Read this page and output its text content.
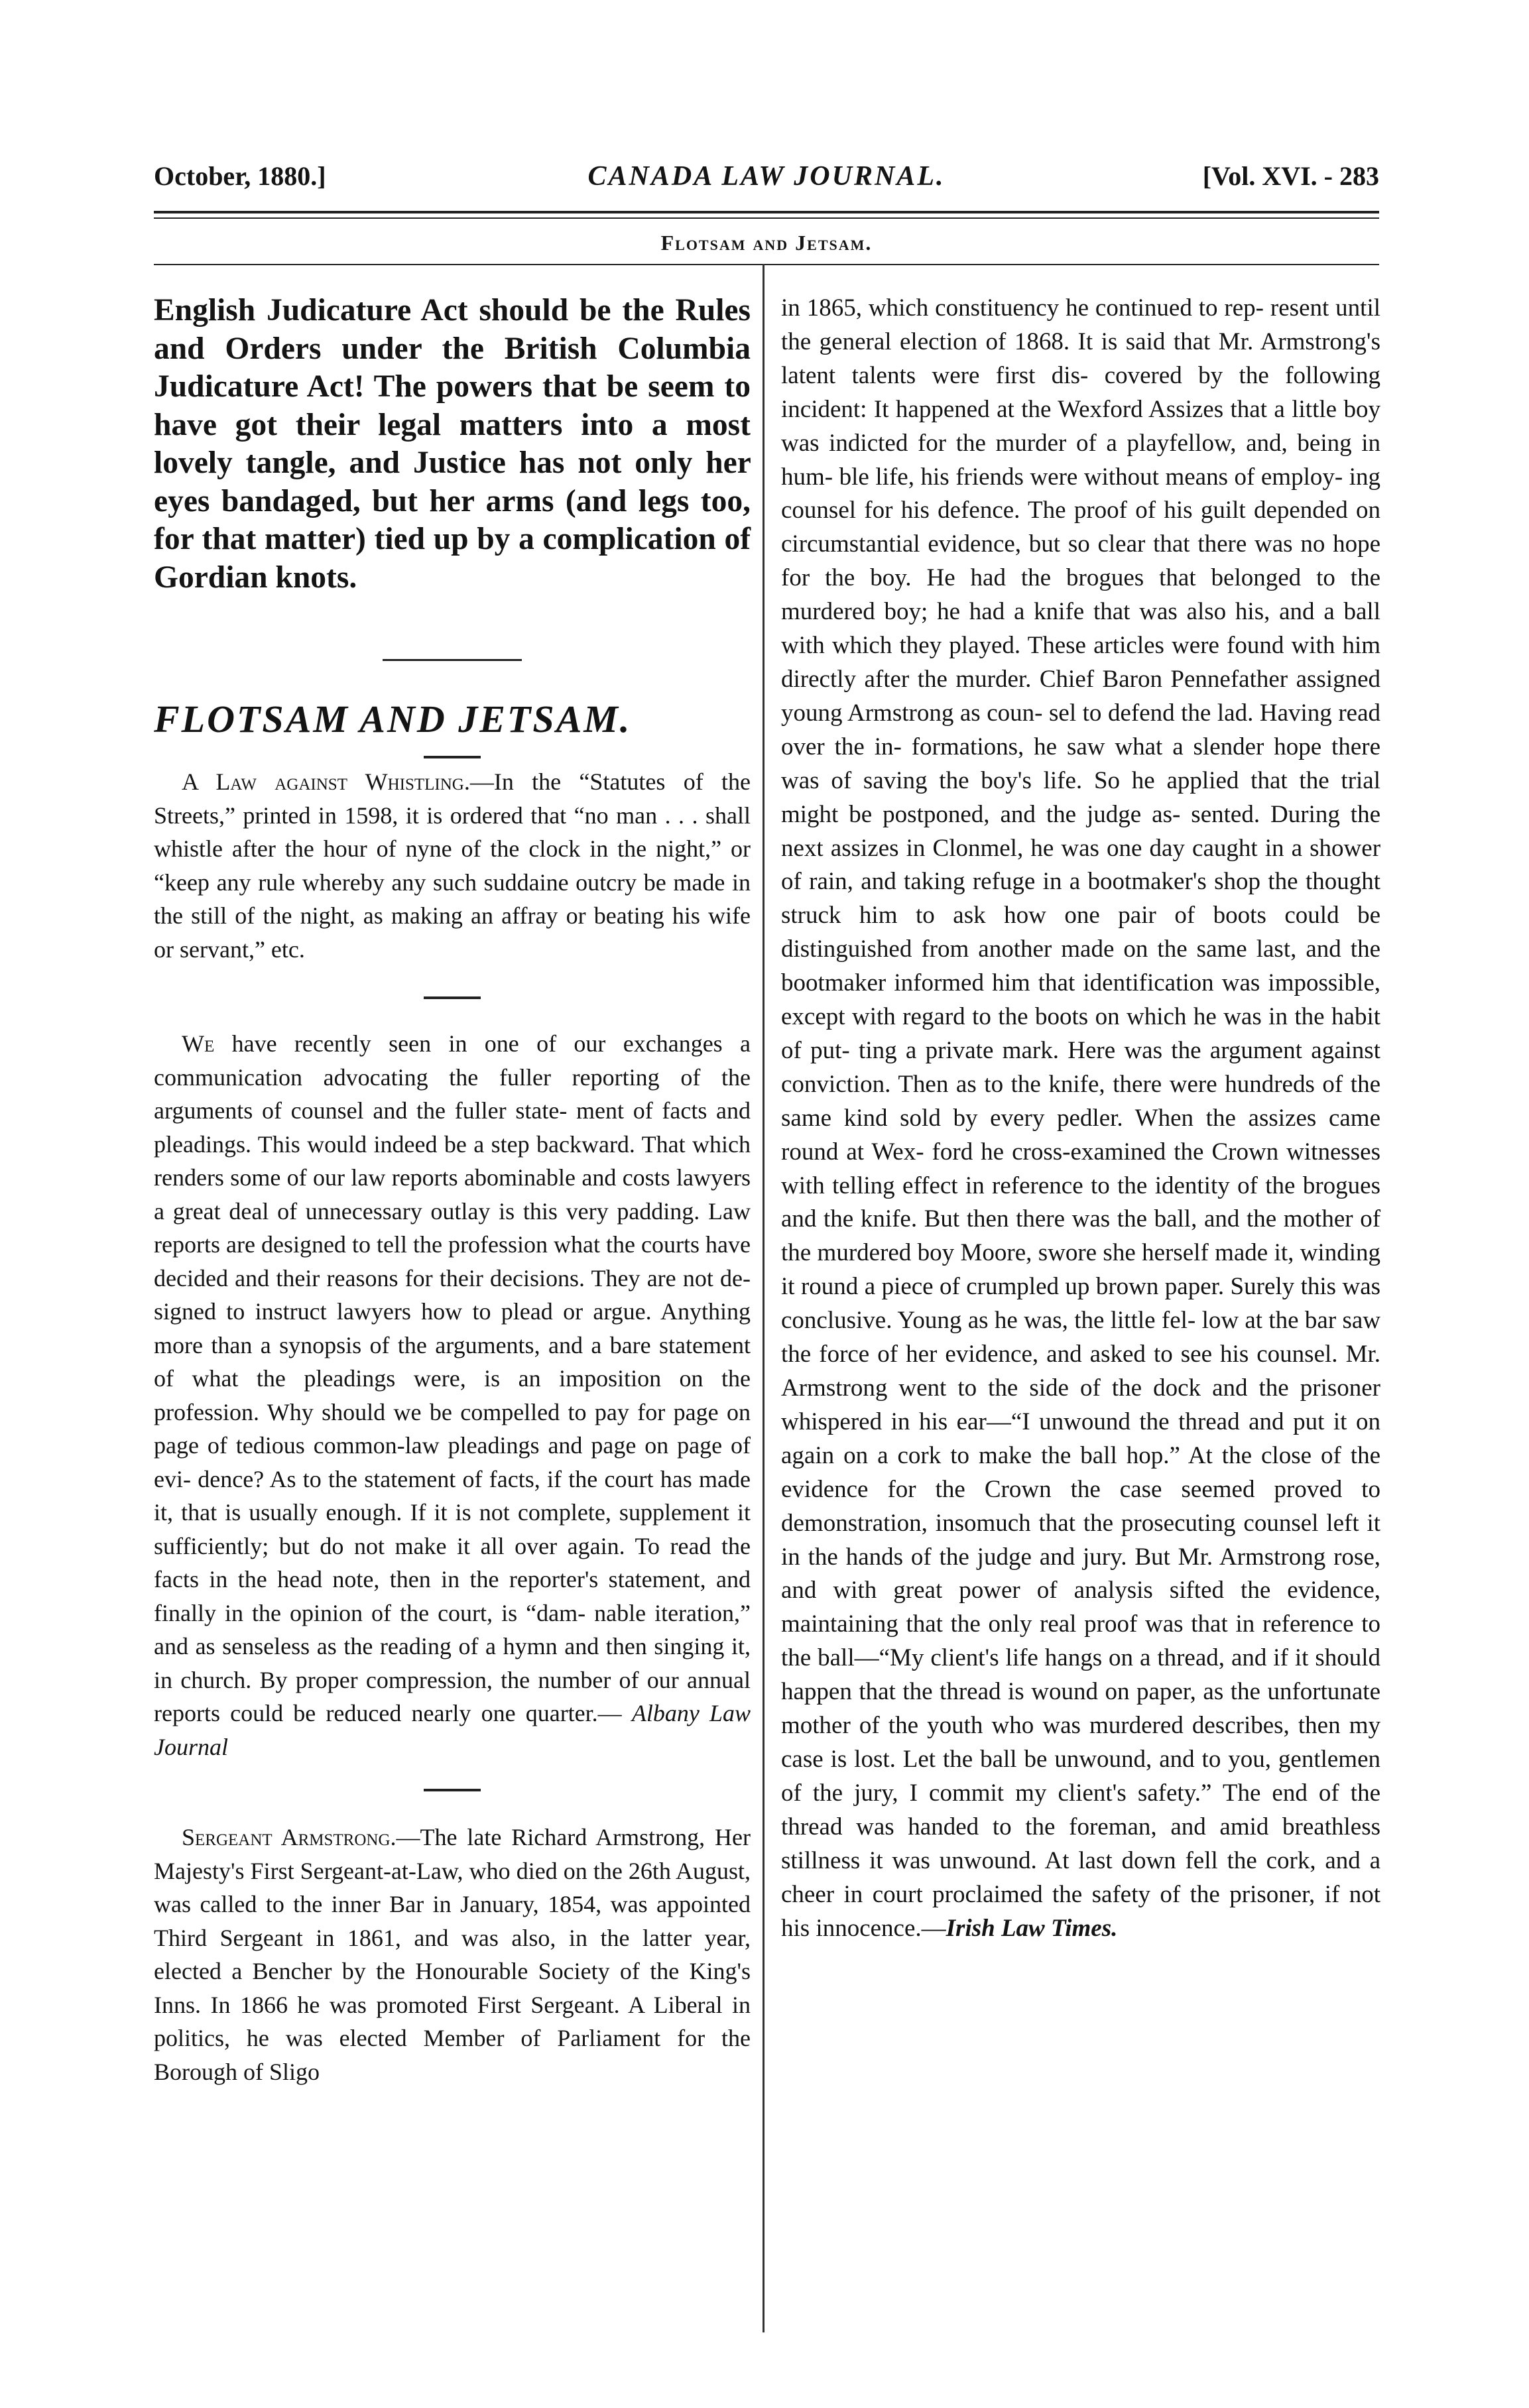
October, 1880.]	CANADA LAW JOURNAL.	[Vol. XVI. - 283
Flotsam and Jetsam.

English Judicature Act should be the Rules and Orders under the British Columbia Judicature Act! The powers that be seem to have got their legal matters into a most lovely tangle, and Justice has not only her eyes bandaged, but her arms (and legs too, for that matter) tied up by a complication of Gordian knots.

FLOTSAM AND JETSAM.

A Law against Whistling.—In the “Statutes of the Streets,” printed in 1598, it is ordered that “no man . . . shall whistle after the hour of nyne of the clock in the night,” or “keep any rule whereby any such suddaine outcry be made in the still of the night, as making an affray or beating his wife or servant,” etc.

We have recently seen in one of our exchanges a communication advocating the fuller reporting of the arguments of counsel and the fuller state- ment of facts and pleadings. This would indeed be a step backward. That which renders some of our law reports abominable and costs lawyers a great deal of unnecessary outlay is this very padding. Law reports are designed to tell the profession what the courts have decided and their reasons for their decisions. They are not de- signed to instruct lawyers how to plead or argue. Anything more than a synopsis of the arguments, and a bare statement of what the pleadings were, is an imposition on the profession. Why should we be compelled to pay for page on page of tedious common-law pleadings and page on page of evi- dence? As to the statement of facts, if the court has made it, that is usually enough. If it is not complete, supplement it sufficiently; but do not make it all over again. To read the facts in the head note, then in the reporter's statement, and finally in the opinion of the court, is “dam- nable iteration,” and as senseless as the reading of a hymn and then singing it, in church. By proper compression, the number of our annual reports could be reduced nearly one quarter.— Albany Law Journal

Sergeant Armstrong.—The late Richard Armstrong, Her Majesty's First Sergeant-at-Law, who died on the 26th August, was called to the inner Bar in January, 1854, was appointed Third Sergeant in 1861, and was also, in the latter year, elected a Bencher by the Honourable Society of the King's Inns. In 1866 he was promoted First Sergeant. A Liberal in politics, he was elected Member of Parliament for the Borough of Sligo

in 1865, which constituency he continued to rep- resent until the general election of 1868. It is said that Mr. Armstrong's latent talents were first dis- covered by the following incident: It happened at the Wexford Assizes that a little boy was indicted for the murder of a playfellow, and, being in hum- ble life, his friends were without means of employ- ing counsel for his defence. The proof of his guilt depended on circumstantial evidence, but so clear that there was no hope for the boy. He had the brogues that belonged to the murdered boy; he had a knife that was also his, and a ball with which they played. These articles were found with him directly after the murder. Chief Baron Pennefather assigned young Armstrong as coun- sel to defend the lad. Having read over the in- formations, he saw what a slender hope there was of saving the boy's life. So he applied that the trial might be postponed, and the judge as- sented. During the next assizes in Clonmel, he was one day caught in a shower of rain, and taking refuge in a bootmaker's shop the thought struck him to ask how one pair of boots could be distinguished from another made on the same last, and the bootmaker informed him that identification was impossible, except with regard to the boots on which he was in the habit of put- ting a private mark. Here was the argument against conviction. Then as to the knife, there were hundreds of the same kind sold by every pedler. When the assizes came round at Wex- ford he cross-examined the Crown witnesses with telling effect in reference to the identity of the brogues and the knife. But then there was the ball, and the mother of the murdered boy Moore, swore she herself made it, winding it round a piece of crumpled up brown paper. Surely this was conclusive. Young as he was, the little fel- low at the bar saw the force of her evidence, and asked to see his counsel. Mr. Armstrong went to the side of the dock and the prisoner whispered in his ear—“I unwound the thread and put it on again on a cork to make the ball hop.” At the close of the evidence for the Crown the case seemed proved to demonstration, insomuch that the prosecuting counsel left it in the hands of the judge and jury. But Mr. Armstrong rose, and with great power of analysis sifted the evidence, maintaining that the only real proof was that in reference to the ball—“My client's life hangs on a thread, and if it should happen that the thread is wound on paper, as the unfortunate mother of the youth who was murdered describes, then my case is lost. Let the ball be unwound, and to you, gentlemen of the jury, I commit my client's safety.” The end of the thread was handed to the foreman, and amid breathless stillness it was unwound. At last down fell the cork, and a cheer in court proclaimed the safety of the prisoner, if not his innocence.—Irish Law Times.
